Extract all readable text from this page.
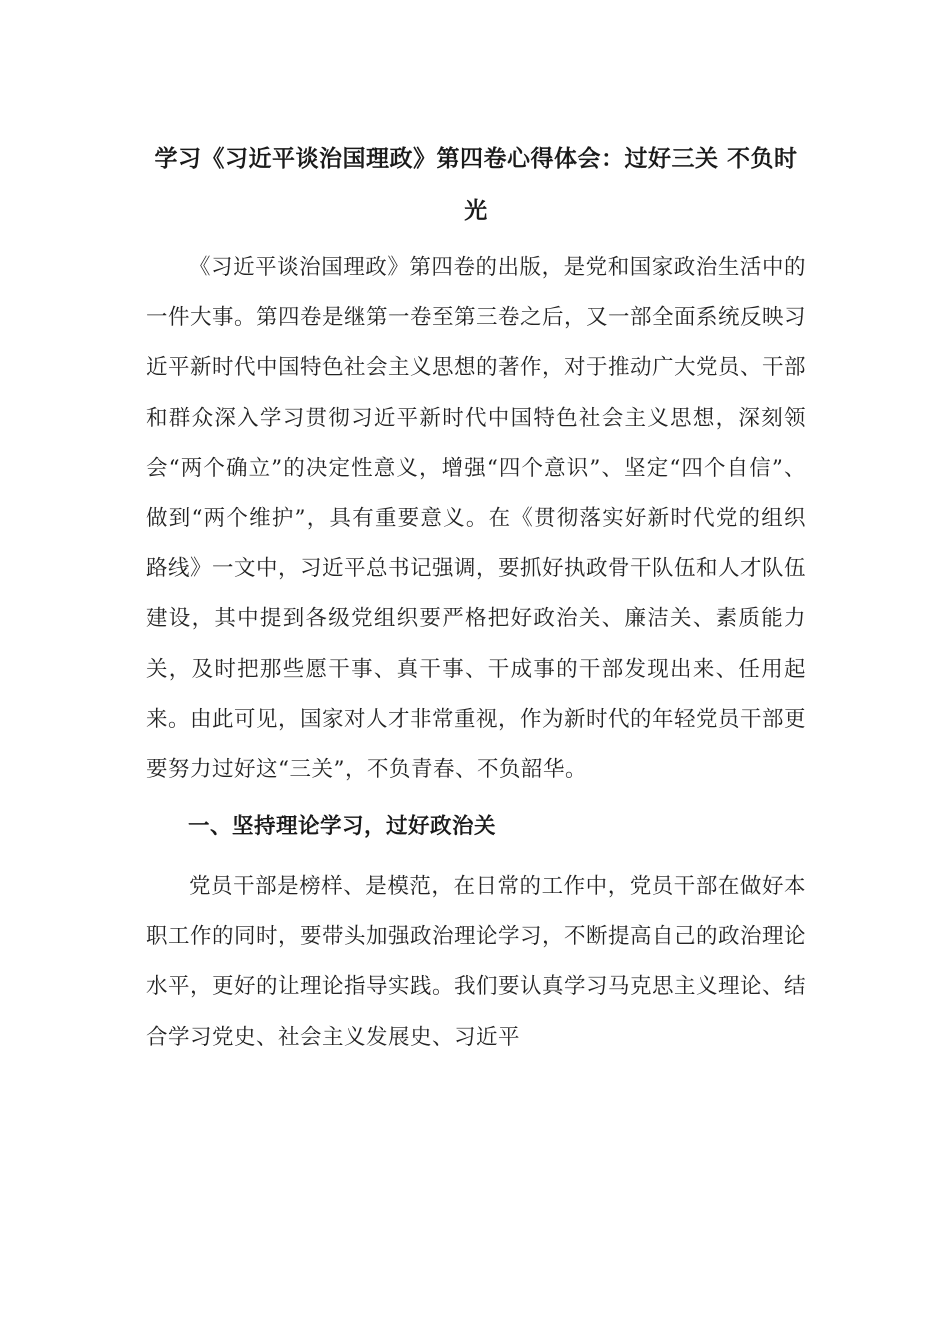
学习《习近平谈治国理政》第四卷心得体会：过好三关 不负时光
《习近平谈治国理政》第四卷的出版，是党和国家政治生活中的一件大事。第四卷是继第一卷至第三卷之后，又一部全面系统反映习近平新时代中国特色社会主义思想的著作，对于推动广大党员、干部和群众深入学习贯彻习近平新时代中国特色社会主义思想，深刻领会“两个确立”的决定性意义，增强“四个意识”、坚定“四个自信”、做到“两个维护”，具有重要意义。在《贯彻落实好新时代党的组织路线》一文中，习近平总书记强调，要抓好执政骨干队伍和人才队伍建设，其中提到各级党组织要严格把好政治关、廉洁关、素质能力关，及时把那些愿干事、真干事、干成事的干部发现出来、任用起来。由此可见，国家对人才非常重视，作为新时代的年轻党员干部更要努力过好这“三关”，不负青春、不负韶华。
一、坚持理论学习，过好政治关
党员干部是榜样、是模范，在日常的工作中，党员干部在做好本职工作的同时，要带头加强政治理论学习，不断提高自己的政治理论水平，更好的让理论指导实践。我们要认真学习马克思主义理论、结合学习党史、社会主义发展史、习近平
